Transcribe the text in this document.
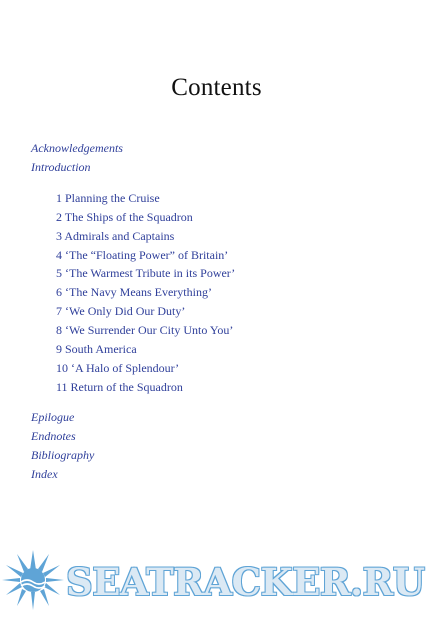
Contents
Acknowledgements
Introduction
1 Planning the Cruise
2 The Ships of the Squadron
3 Admirals and Captains
4 ‘The “Floating Power” of Britain’
5 ‘The Warmest Tribute in its Power’
6 ‘The Navy Means Everything’
7 ‘We Only Did Our Duty’
8 ‘We Surrender Our City Unto You’
9 South America
10 ‘A Halo of Splendour’
11 Return of the Squadron
Epilogue
Endnotes
Bibliography
Index
SEATRACKER.RU
